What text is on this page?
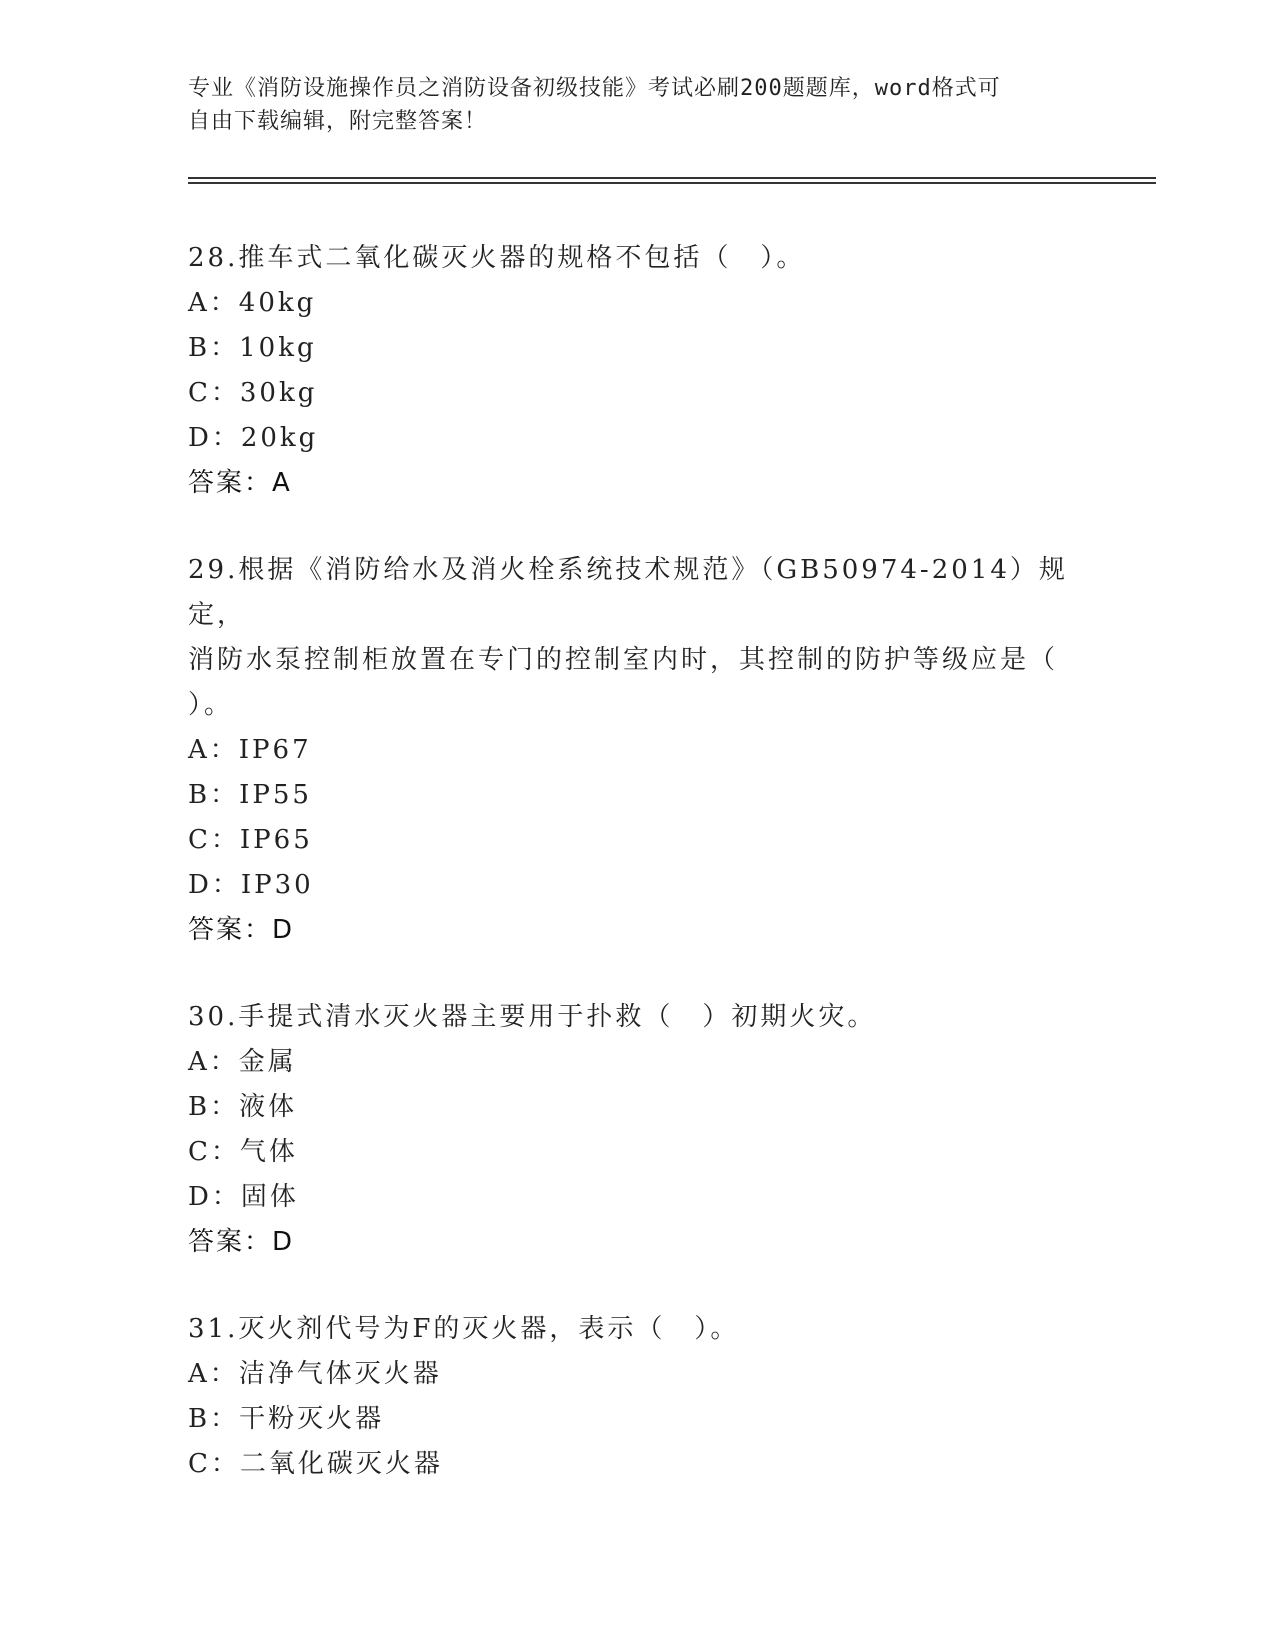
专业《消防设施操作员之消防设备初级技能》考试必刷200题题库，word格式可
自由下载编辑，附完整答案！
28.推车式二氧化碳灭火器的规格不包括（　）。
A：40kg
B：10kg
C：30kg
D：20kg
答案：A
29.根据《消防给水及消火栓系统技术规范》（GB50974-2014）规定，
消防水泵控制柜放置在专门的控制室内时，其控制的防护等级应是（
）。
A：IP67
B：IP55
C：IP65
D：IP30
答案：D
30.手提式清水灭火器主要用于扑救（　）初期火灾。
A：金属
B：液体
C：气体
D：固体
答案：D
31.灭火剂代号为F的灭火器，表示（　）。
A：洁净气体灭火器
B：干粉灭火器
C：二氧化碳灭火器
